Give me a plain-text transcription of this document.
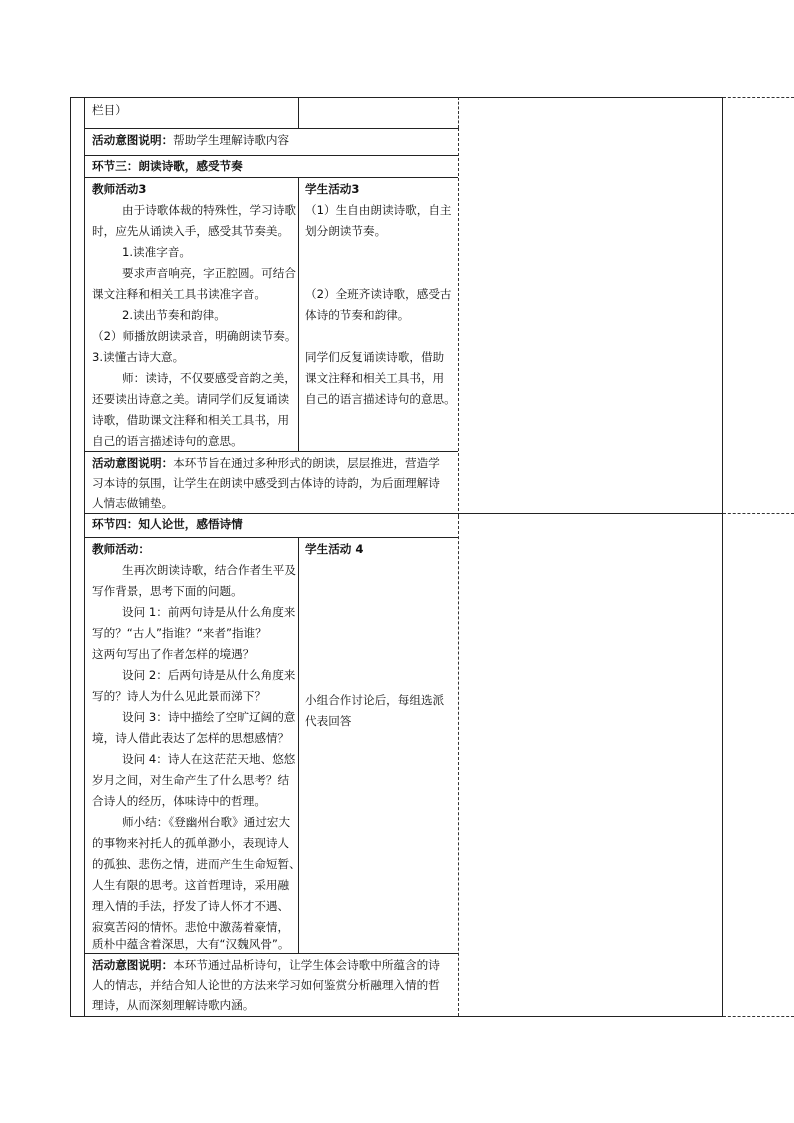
栏目）
活动意图说明：帮助学生理解诗歌内容
环节三：朗读诗歌，感受节奏
教师活动3
由于诗歌体裁的特殊性，学习诗歌
时，应先从诵读入手，感受其节奏美。
1.读准字音。
要求声音响亮，字正腔圆。可结合
课文注释和相关工具书读准字音。
2.读出节奏和韵律。
（2）师播放朗读录音，明确朗读节奏。
3.读懂古诗大意。
师：读诗，不仅要感受音韵之美，
还要读出诗意之美。请同学们反复诵读
诗歌，借助课文注释和相关工具书，用
自己的语言描述诗句的意思。
学生活动3
（1）生自由朗读诗歌，自主
划分朗读节奏。
（2）全班齐读诗歌，感受古
体诗的节奏和韵律。
同学们反复诵读诗歌，借助
课文注释和相关工具书，用
自己的语言描述诗句的意思。
活动意图说明：本环节旨在通过多种形式的朗读，层层推进，营造学
习本诗的氛围，让学生在朗读中感受到古体诗的诗韵，为后面理解诗
人情志做铺垫。
环节四：知人论世，感悟诗情
教师活动：
生再次朗读诗歌，结合作者生平及
写作背景，思考下面的问题。
设问 1：前两句诗是从什么角度来
写的？“古人”指谁？“来者”指谁？
这两句写出了作者怎样的境遇？
设问 2：后两句诗是从什么角度来
写的？诗人为什么见此景而涕下？
设问 3：诗中描绘了空旷辽阔的意
境，诗人借此表达了怎样的思想感情？
设问 4：诗人在这茫茫天地、悠悠
岁月之间，对生命产生了什么思考？结
合诗人的经历，体味诗中的哲理。
师小结：《登幽州台歌》通过宏大
的事物来衬托人的孤单渺小，表现诗人
的孤独、悲伤之情，进而产生生命短暂、
人生有限的思考。这首哲理诗，采用融
理入情的手法，抒发了诗人怀才不遇、
寂寞苦闷的情怀。悲怆中激荡着豪情，
质朴中蕴含着深思，大有“汉魏风骨”。
学生活动 4
小组合作讨论后，每组选派
代表回答
活动意图说明：本环节通过品析诗句，让学生体会诗歌中所蕴含的诗
人的情志，并结合知人论世的方法来学习如何鉴赏分析融理入情的哲
理诗，从而深刻理解诗歌内涵。
